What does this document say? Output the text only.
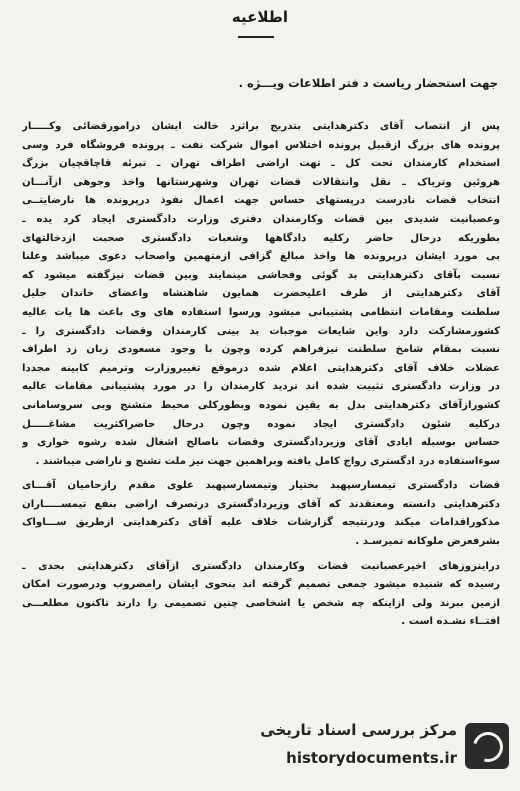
اطلاعیه
جهت استحضار ریاست د فتر اطلاعات ویـــژه .
پس از انتصاب آقای دکترهدایتی بتدریج براثرد خالت ایشان درامورقضائی وکـــــار
پرونده های بزرگ ازقبیل پرونده اختلاس اموال شرکت نفت ـ پرونده فروشگاه فرد وسی
استخدام کارمندان تحت کل ـ تهت اراضی اطراف تهران ـ تبرئه قاچاقچیان بزرگ
هروئین وتریاک ـ نقل وانتقالات قضات تهران وشهرستانها واخذ وجوهی ازآنـــان
انتخاب قضات نادرست درپستهای حساس جهت اعمال نفوذ درپرونده ها نارضایتــی
وعصبانیت شدیدی بین قضات وکارمندان دفتری وزارت دادگستری ایجاد کرد یده ـ
بطوریکه درحال حاضر رکلیه دادگاهها وشعبات دادگستری صحبت ازدخالتهای
بی مورد ایشان درپرونده ها واخذ مبالغ گزافی ازمتهمین واصحاب دعوی میباشد وعلنا
نسبت بآقای دکترهدایتی بد گوئی وفحاشی مینمایند وبین قضات نیزگفته میشود که
آقای دکترهدایتی از طرف اعلیحضرت همایون شاهنشاه واعضای خاندان جلیل
سلطنت ومقامات انتظامی پشتیبانی میشود ورسوا استفاده های وی باعث ها یات عالیه
کشورمشارکت دارد واین شایعات موجبات بد بینی کارمندان وقضات دادگستری را ـ
نسبت بمقام شامخ سلطنت نیزفراهم کرده وچون با وجود مسعودی زبان زد اطراف
عضلات خلاف آقای دکترهدایتی اعلام شده درموقع تغییروزارت وترمیم کابینه مجددا
در وزارت دادگستری تثبیت شده اند تردید کارمندان را در مورد پشتیبانی مقامات عالیه
کشورازآقای دکترهدایتی بدل به یقین نموده وبطورکلی محیط متشنج وبی سروسامانی
درکلیه شئون دادگستری ایجاد نموده وچون درحال حاضراکثریت مشاغـــــل
حساس بوسیله ایادی آقای وزیردادگستری وقضات ناصالح اشغال شده رشوه خواری و
سوءاستفاده درد ادگستری رواج کامل یافته وبراهمین جهت نیز ملت تشنج و ناراضی میباشند .
قضات دادگستری تیمسارسپهبد بختیار وتیمسارسپهبد علوی مقدم رازحامیان آقـــای
دکترهدایتی دانسته ومعتقدند که آقای وزیردادگستری درتصرف اراضی بنفع تیمســـــاران
مذکوراقدامات میکند ودرنتیجه گزارشات خلاف علیه آقای دکترهدایتی ازطریق ســـاواک
بشرفعرض ملوکانه نمیرسـد .
دراینروزهای اخیرعصبانیت قضات وکارمندان دادگستری ازآقای دکترهدایتی بحدی ـ
رسیده که شنیده میشود جمعی تصمیم گرفته اند بنحوی ایشان رامضروب ودرصورت امکان
ازمین ببرند ولی ازاینکه چه شخص یا اشخاصی چنین تصمیمی را دارند تاکنون مطلعـــی
افتــاء نشـده است .
مرکز بررسی اسناد تاریخی
historydocuments.ir
